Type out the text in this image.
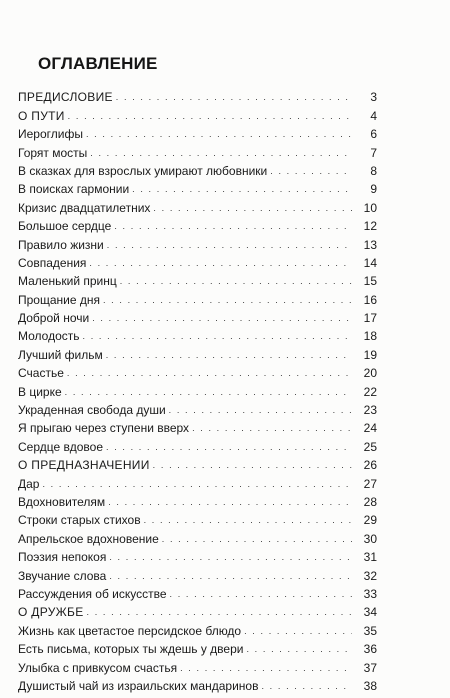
ОГЛАВЛЕНИЕ
ПРЕДИСЛОВИЕ . . .	3
О ПУТИ . . .	4
Иероглифы . . .	6
Горят мосты . . .	7
В сказках для взрослых умирают любовники . . .	8
В поисках гармонии . . .	9
Кризис двадцатилетних . . .	10
Большое сердце . . .	12
Правило жизни . . .	13
Совпадения . . .	14
Маленький принц . . .	15
Прощание дня . . .	16
Доброй ночи . . .	17
Молодость . . .	18
Лучший фильм . . .	19
Счастье . . .	20
В цирке . . .	22
Украденная свобода души . . .	23
Я прыгаю через ступени вверх . . .	24
Сердце вдовое . . .	25
О ПРЕДНАЗНАЧЕНИИ . . .	26
Дар . . .	27
Вдохновителям . . .	28
Строки старых стихов . . .	29
Апрельское вдохновение . . .	30
Поэзия непокоя . . .	31
Звучание слова . . .	32
Рассуждения об искусстве . . .	33
О ДРУЖБЕ . . .	34
Жизнь как цветастое персидское блюдо . . .	35
Есть письма, которых ты ждешь у двери . . .	36
Улыбка с привкусом счастья . . .	37
Душистый чай из израильских мандаринов . . .	38
